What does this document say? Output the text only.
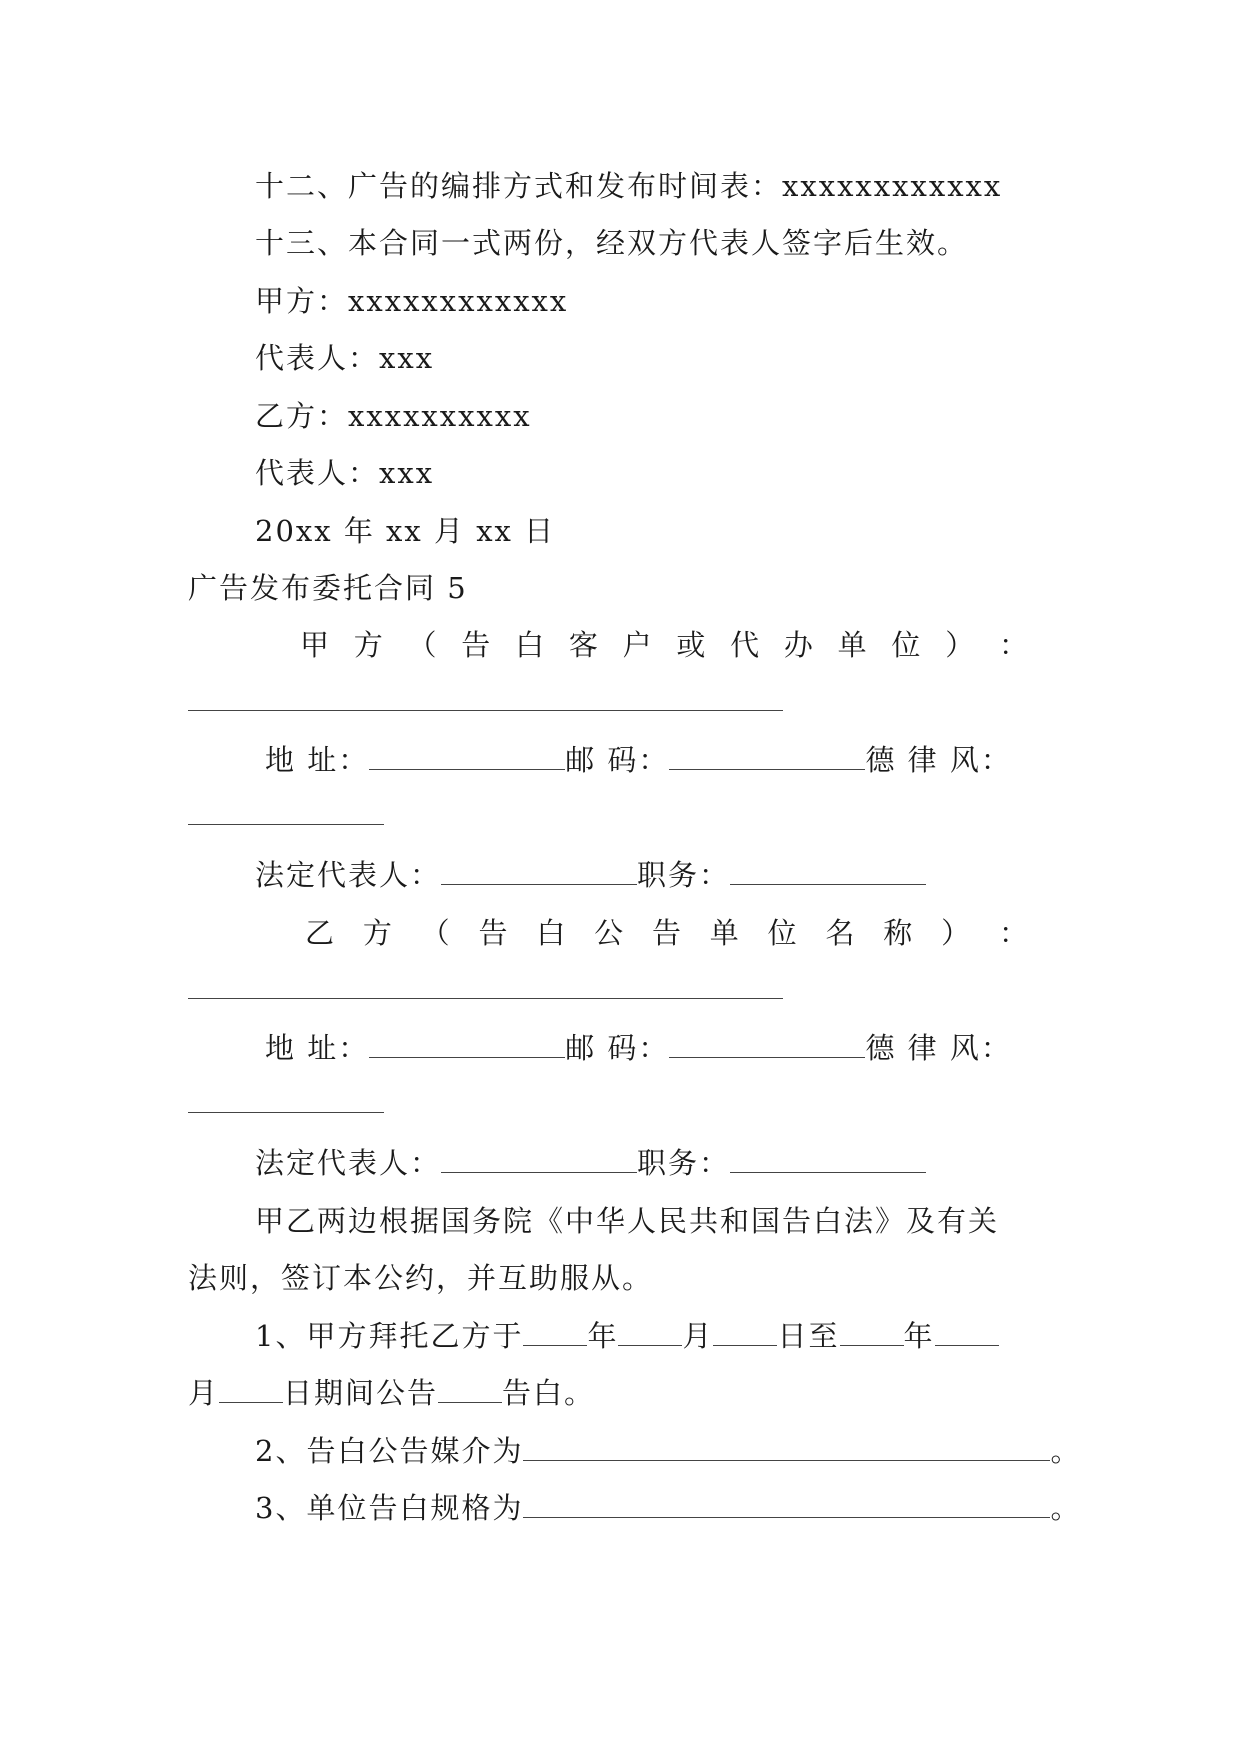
十二、广告的编排方式和发布时间表：xxxxxxxxxxxx
十三、本合同一式两份，经双方代表人签字后生效。
甲方：xxxxxxxxxxxx
代表人：xxx
乙方：xxxxxxxxxx
代表人：xxx
20xx 年 xx 月 xx 日
广告发布委托合同 5
甲 方 （ 告 白 客 户 或 代 办 单 位 ） ：
地 址：	邮 码：	德 律 风：
法定代表人：	职务：
乙 方 （ 告 白 公 告 单 位 名 称 ） ：
地 址：	邮 码：	德 律 风：
法定代表人：	职务：
甲乙两边根据国务院《中华人民共和国告白法》及有关
法则，签订本公约，并互助服从。
1、甲方拜托乙方于 年 月 日至 年
月 日期间公告 告白。
2、告白公告媒介为	。
3、单位告白规格为	。
